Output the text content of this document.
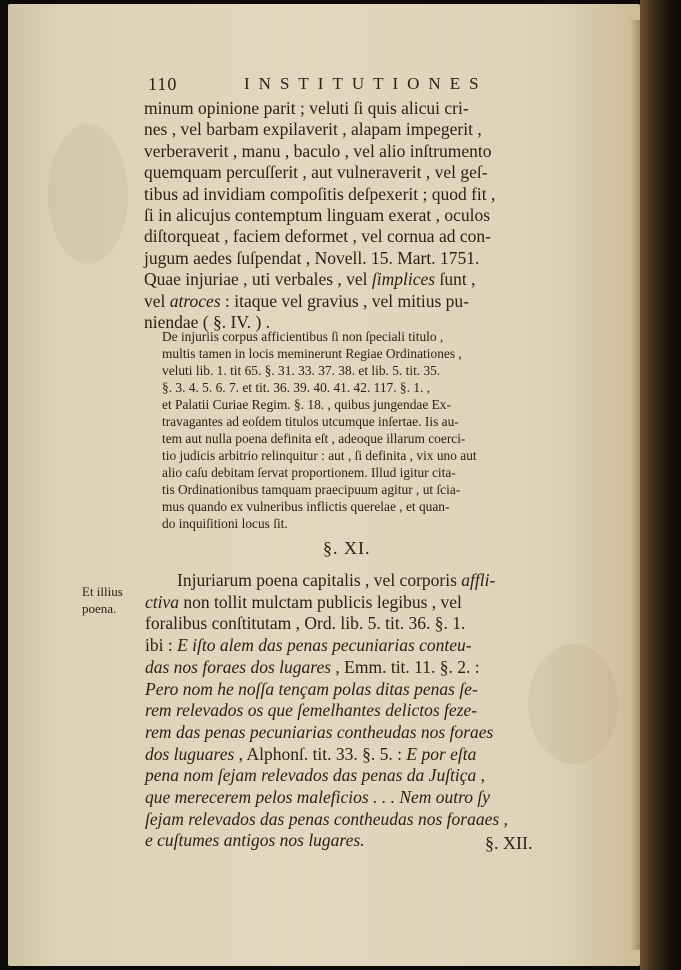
110	INSTITUTIONES
minum opinione parit ; veluti ſi quis alicui cri-
nes , vel barbam expilaverit , alapam impegerit ,
verberaverit , manu , baculo , vel alio inſtrumento
quemquam percuſſerit , aut vulneraverit , vel geſ-
tibus ad invidiam compoſitis deſpexerit ; quod fit ,
ſi in alicujus contemptum linguam exerat , oculos
diſtorqueat , faciem deformet , vel cornua ad con-
jugum aedes ſuſpendat , Novell. 15. Mart. 1751.
Quae injuriae , uti verbales , vel ſimplices ſunt ,
vel atroces : itaque vel gravius , vel mitius pu-
niendae ( §. IV. ) .
De injuriis corpus afficientibus ſi non ſpeciali titulo ,
multis tamen in locis meminerunt Regiae Ordinationes ,
veluti lib. 1. tit 65. §. 31. 33. 37. 38. et lib. 5. tit. 35.
§. 3. 4. 5. 6. 7. et tit. 36. 39. 40. 41. 42. 117. §. 1. ,
et Palatii Curiae Regim. §. 18. , quibus jungendae Ex-
travagantes ad eoſdem titulos utcumque inſertae. Iis au-
tem aut nulla poena definita eſt , adeoque illarum coerci-
tio judicis arbitrio relinquitur : aut , ſi definita , vix uno aut
alio caſu debitam ſervat proportionem. Illud igitur cita-
tis Ordinationibus tamquam praecipuum agitur , ut ſcia-
mus quando ex vulneribus inflictis querelae , et quan-
do inquiſitioni locus ſit.
§. XI.
Et illius
poena.
Injuriarum poena capitalis , vel corporis affli-
ctiva non tollit mulctam publicis legibus , vel
foralibus conſtitutam , Ord. lib. 5. tit. 36. §. 1.
ibi : E iſto alem das penas pecuniarias conteu-
das nos foraes dos lugares , Emm. tit. 11. §. 2. :
Pero nom he noſſa tençam polas ditas penas ſe-
rem relevados os que ſemelhantes delictos feze-
rem das penas pecuniarias contheudas nos foraes
dos luguares , Alphonſ. tit. 33. §. 5. : E por eſta
pena nom ſejam relevados das penas da Juſtiça ,
que merecerem pelos maleficios . . . Nem outro ſy
ſejam relevados das penas contheudas nos foraaes ,
e cuſtumes antigos nos lugares.	§. XII.
